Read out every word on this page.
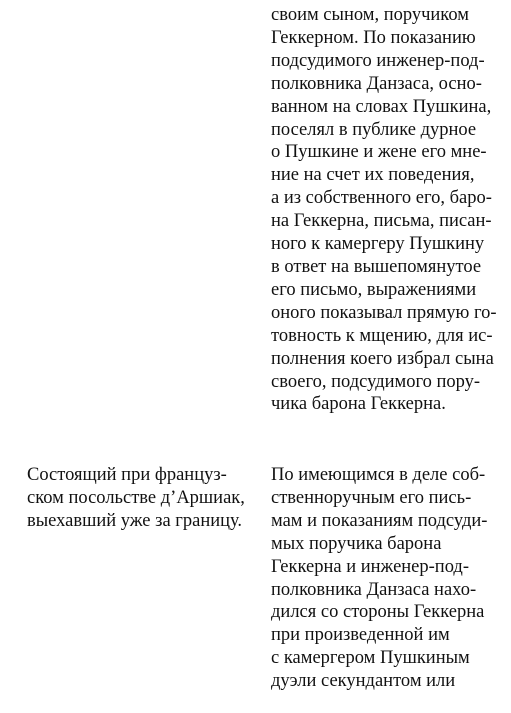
своим сыном, поручиком
Геккерном. По показанию
подсудимого инженер-под-
полковника Данзаса, осно-
ванном на словах Пушкина,
поселял в публике дурное
о Пушкине и жене его мне-
ние на счет их поведения,
а из собственного его, баро-
на Геккерна, письма, писан-
ного к камергеру Пушкину
в ответ на вышепомянутое
его письмо, выражениями
оного показывал прямую го-
товность к мщению, для ис-
полнения коего избрал сына
своего, подсудимого пору-
чика барона Геккерна.
Состоящий при француз-
ском посольстве д’Аршиак,
выехавший уже за границу.
По имеющимся в деле соб-
ственноручным его пись-
мам и показаниям подсуди-
мых поручика барона
Геккерна и инженер-под-
полковника Данзаса нахо-
дился со стороны Геккерна
при произведенной им
с камергером Пушкиным
дуэли секундантом или
